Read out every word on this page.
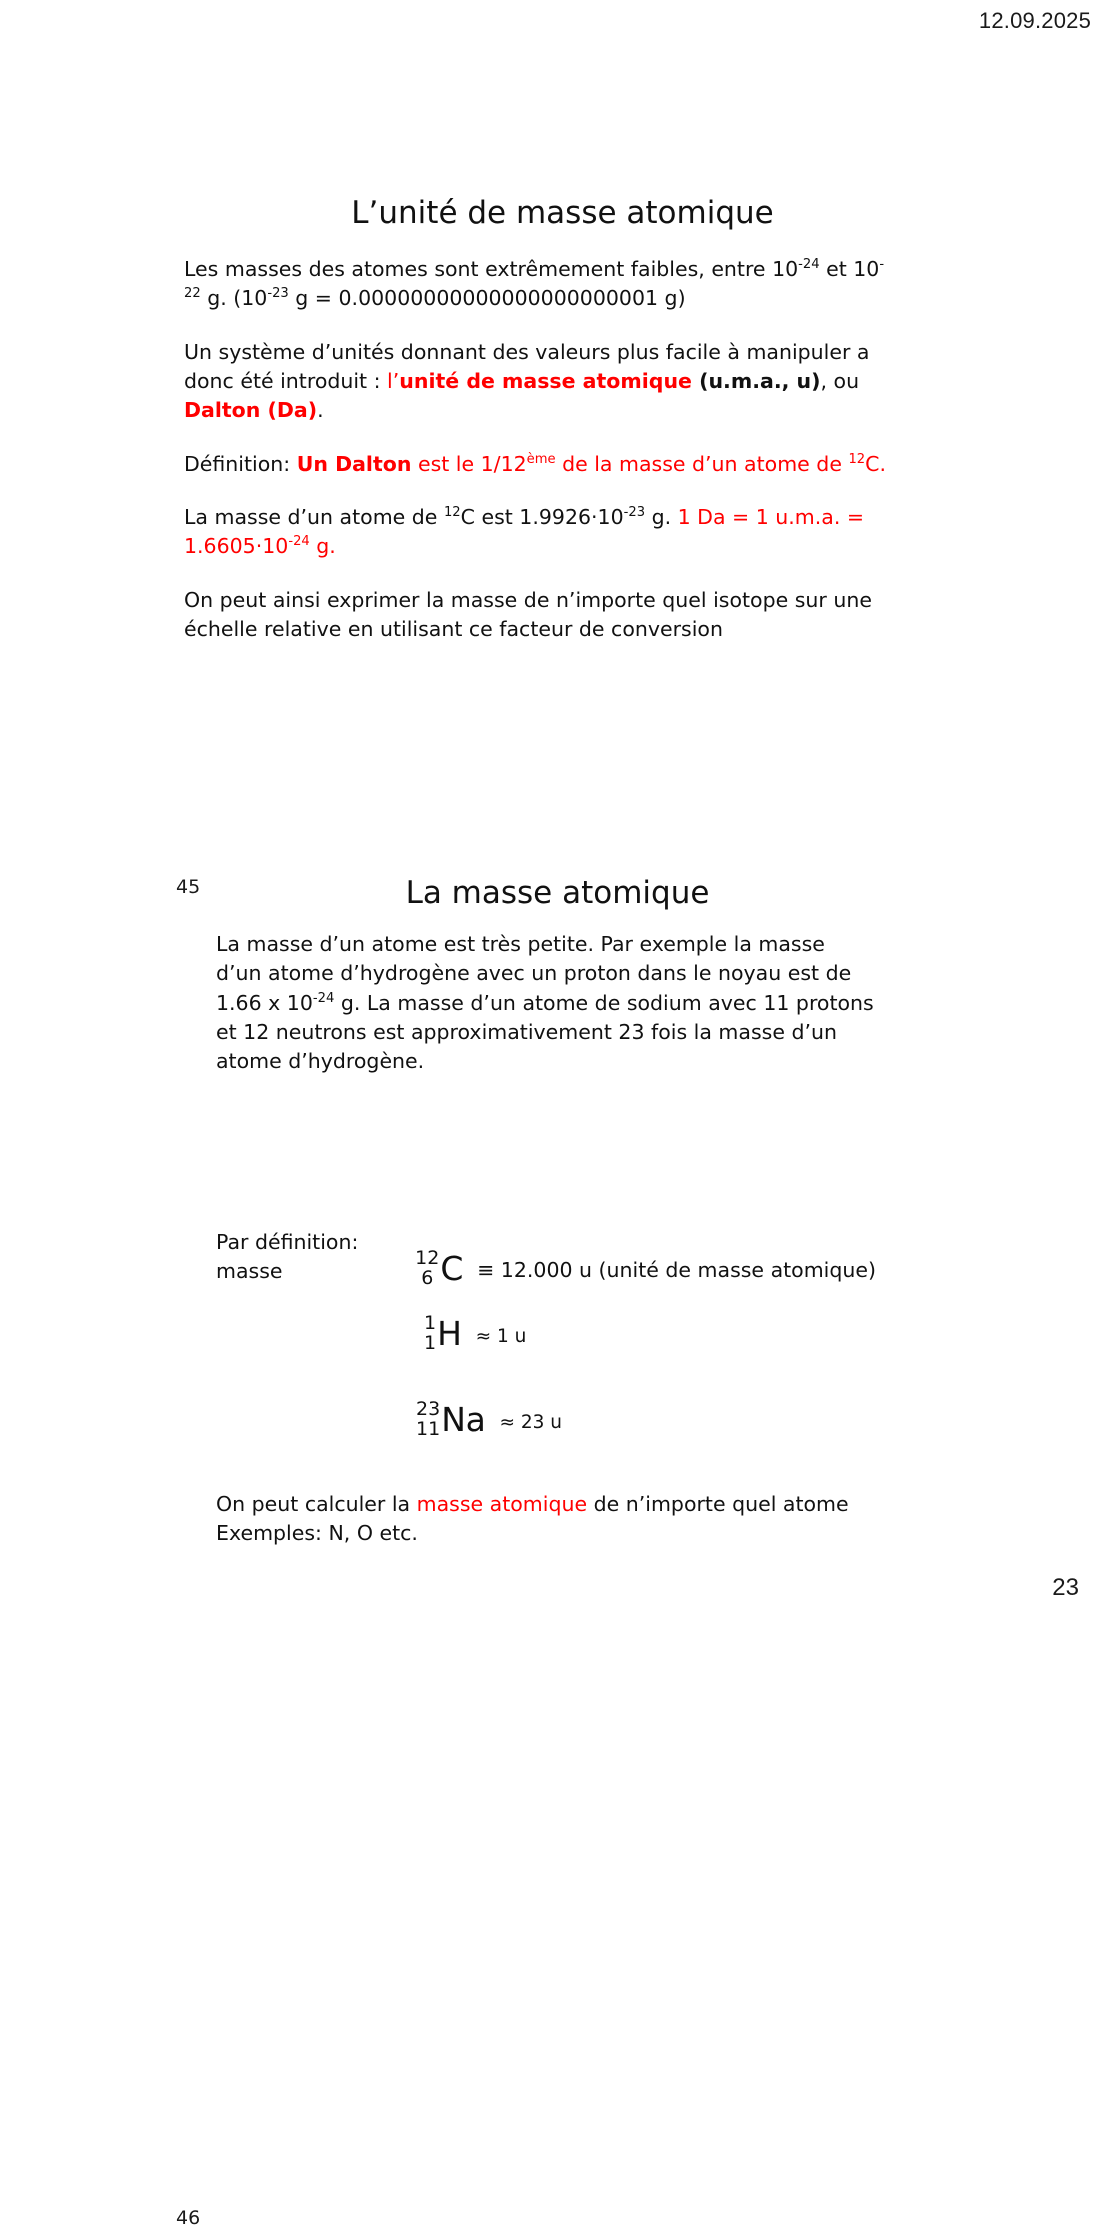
12.09.2025
L’unité de masse atomique

Les masses des atomes sont extrêmement faibles, entre $10^{-24}$ et $10^{-22}$ g. ($10^{-23}$ g = 0.00000000000000000000001 g)

Un système d’unités donnant des valeurs plus facile à manipuler a donc été introduit : l’unité de masse atomique (u.m.a., u), ou Dalton (Da).

Définition: Un Dalton est le 1/12ème de la masse d’un atome de $^{12}$C.

La masse d’un atome de $^{12}$C est $1.9926\cdot 10^{-23}$ g. 1 Da = 1 u.m.a. = $1.6605\cdot 10^{-24}$ g.

On peut ainsi exprimer la masse de n’importe quel isotope sur une échelle relative en utilisant ce facteur de conversion

45	La masse atomique

La masse d’un atome est très petite. Par exemple la masse d’un atome d’hydrogène avec un proton dans le noyau est de 1.66 x $10^{-24}$ g. La masse d’un atome de sodium avec 11 protons et 12 neutrons est approximativement 23 fois la masse d’un atome d’hydrogène.

Par définition: masse
12
6 C ≡ 12.000 u (unité de masse atomique)
1
1 H ≈ 1 u
23
11 Na ≈ 23 u

On peut calculer la masse atomique de n’importe quel atome Exemples: N, O etc.

46
23
